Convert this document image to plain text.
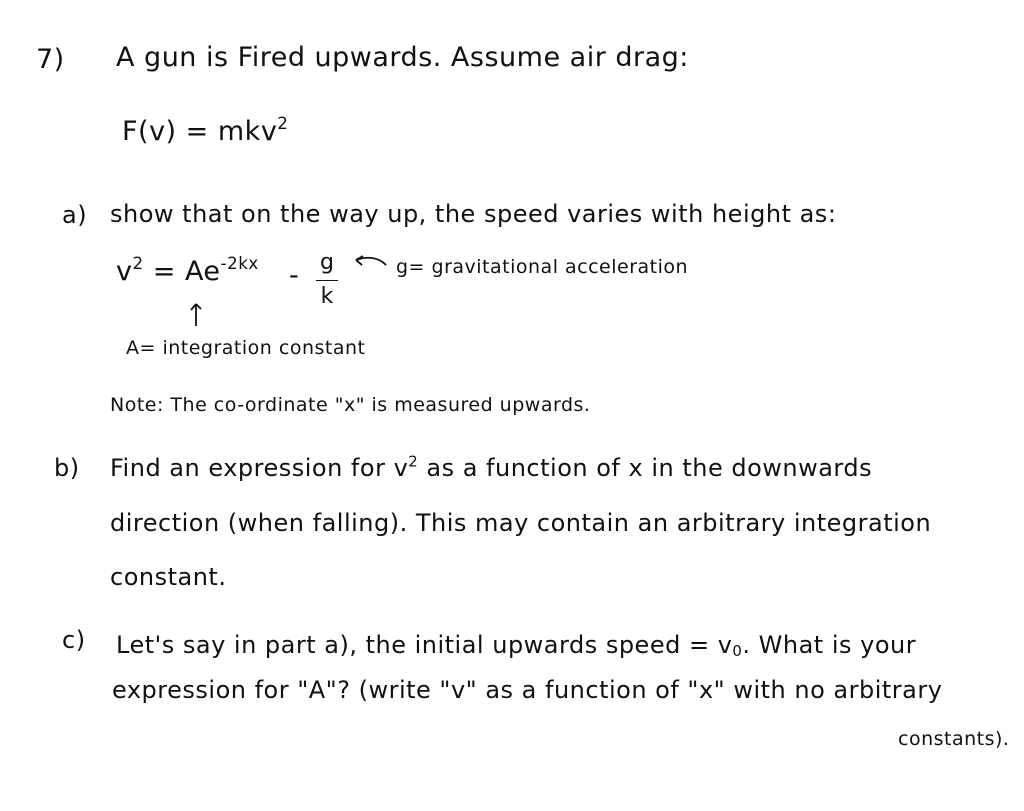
7) A gun is Fired upwards. Assume air drag:
F(v) = mkv$^2$
a) show that on the way up, the speed varies with height as:
$v^2 = Ae^{-2kx} - g$
k
g= gravitational acceleration
A= integration constant
Note: The co-ordinate "x" is measured upwards.
b) Find an expression for $v^2$ as a function of x in the downwards
direction (when falling). This may contain an arbitrary integration
constant.
c) Let's say in part a), the initial upwards speed = $v_0$. What is your
expression for "A"? (write "v" as a function of "x" with no arbitrary
constants).
